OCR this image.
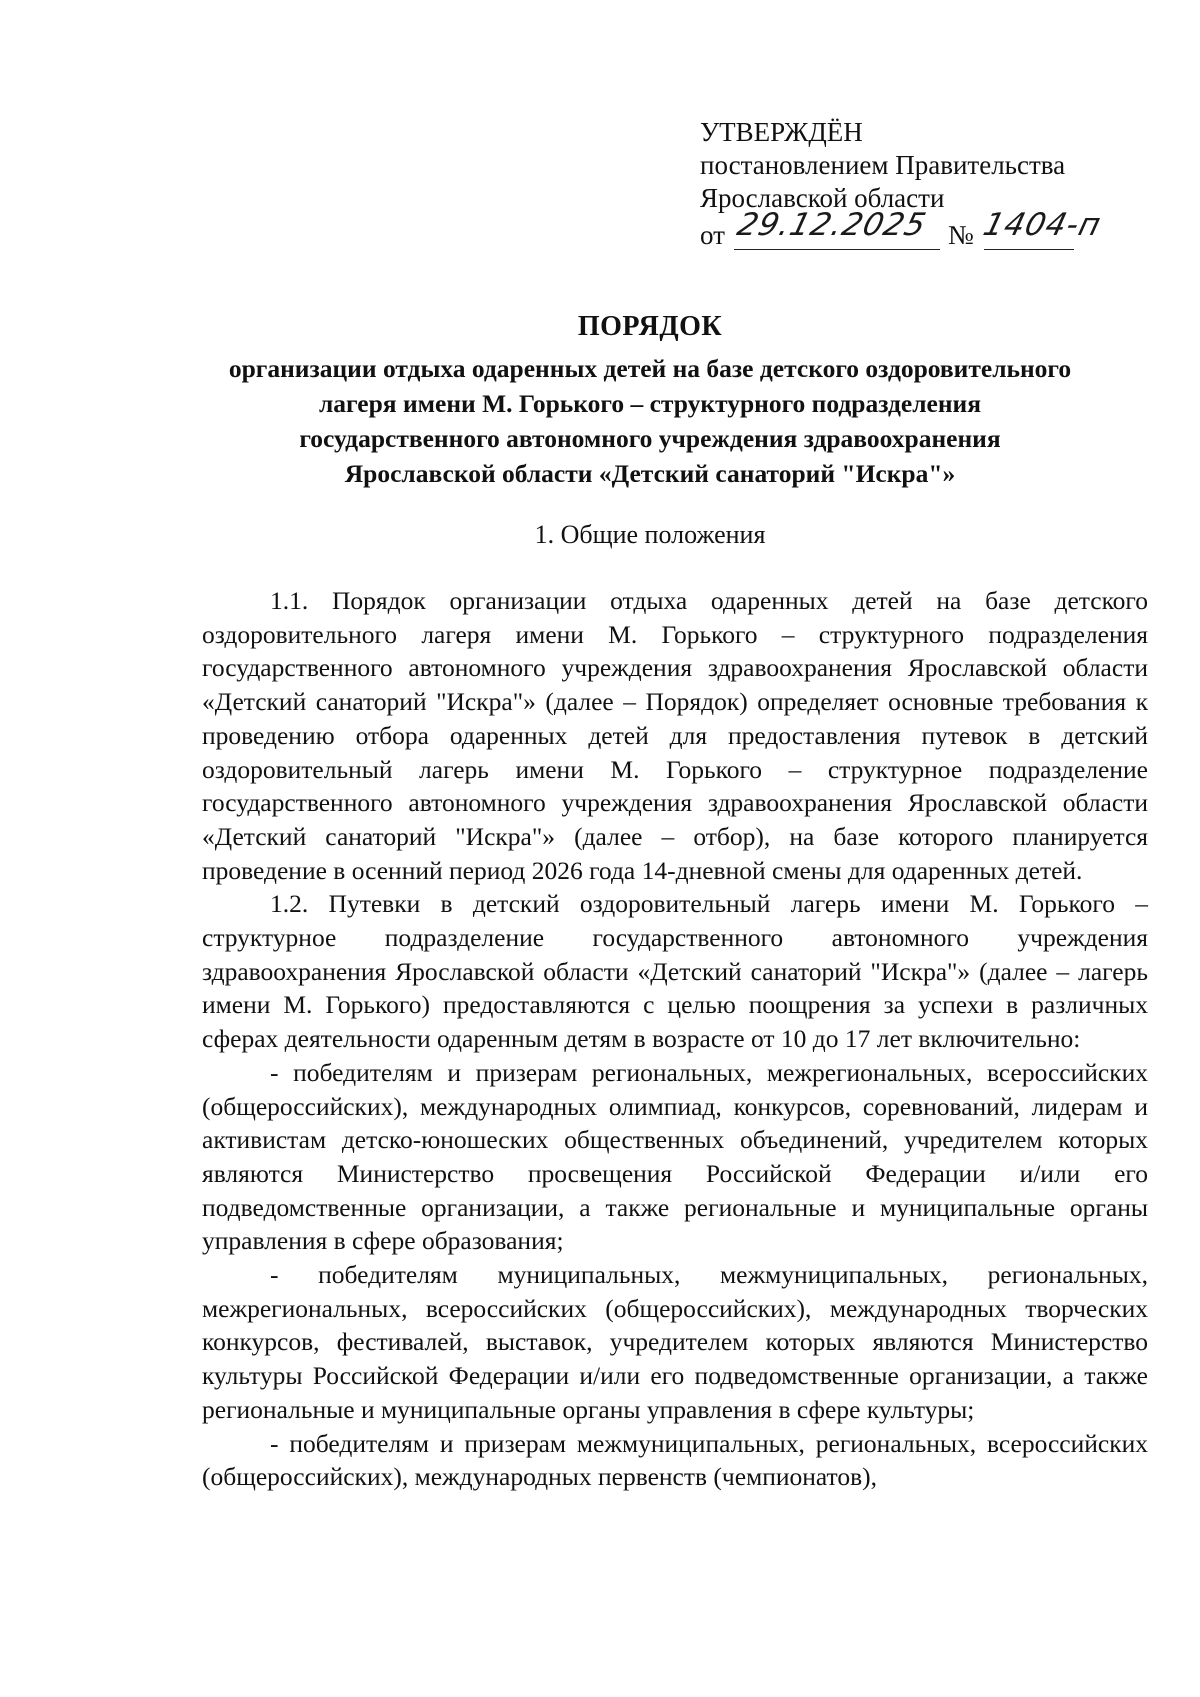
УТВЕРЖДЁН
постановлением Правительства
Ярославской области
от 29.12.2025 № 1404-п
ПОРЯДОК
организации отдыха одаренных детей на базе детского оздоровительного
лагеря имени М. Горького – структурного подразделения
государственного автономного учреждения здравоохранения
Ярославской области «Детский санаторий "Искра"»
1. Общие положения

1.1. Порядок организации отдыха одаренных детей на базе детского оздоровительного лагеря имени М. Горького – структурного подразделения государственного автономного учреждения здравоохранения Ярославской области «Детский санаторий "Искра"» (далее – Порядок) определяет основные требования к проведению отбора одаренных детей для предоставления путевок в детский оздоровительный лагерь имени М. Горького – структурное подразделение государственного автономного учреждения здравоохранения Ярославской области «Детский санаторий "Искра"» (далее – отбор), на базе которого планируется проведение в осенний период 2026 года 14-дневной смены для одаренных детей.

1.2. Путевки в детский оздоровительный лагерь имени М. Горького – структурное подразделение государственного автономного учреждения здравоохранения Ярославской области «Детский санаторий "Искра"» (далее – лагерь имени М. Горького) предоставляются с целью поощрения за успехи в различных сферах деятельности одаренным детям в возрасте от 10 до 17 лет включительно:

- победителям и призерам региональных, межрегиональных, всероссийских (общероссийских), международных олимпиад, конкурсов, соревнований, лидерам и активистам детско-юношеских общественных объединений, учредителем которых являются Министерство просвещения Российской Федерации и/или его подведомственные организации, а также региональные и муниципальные органы управления в сфере образования;

- победителям муниципальных, межмуниципальных, региональных, межрегиональных, всероссийских (общероссийских), международных творческих конкурсов, фестивалей, выставок, учредителем которых являются Министерство культуры Российской Федерации и/или его подведомственные организации, а также региональные и муниципальные органы управления в сфере культуры;

- победителям и призерам межмуниципальных, региональных, всероссийских (общероссийских), международных первенств (чемпионатов),
